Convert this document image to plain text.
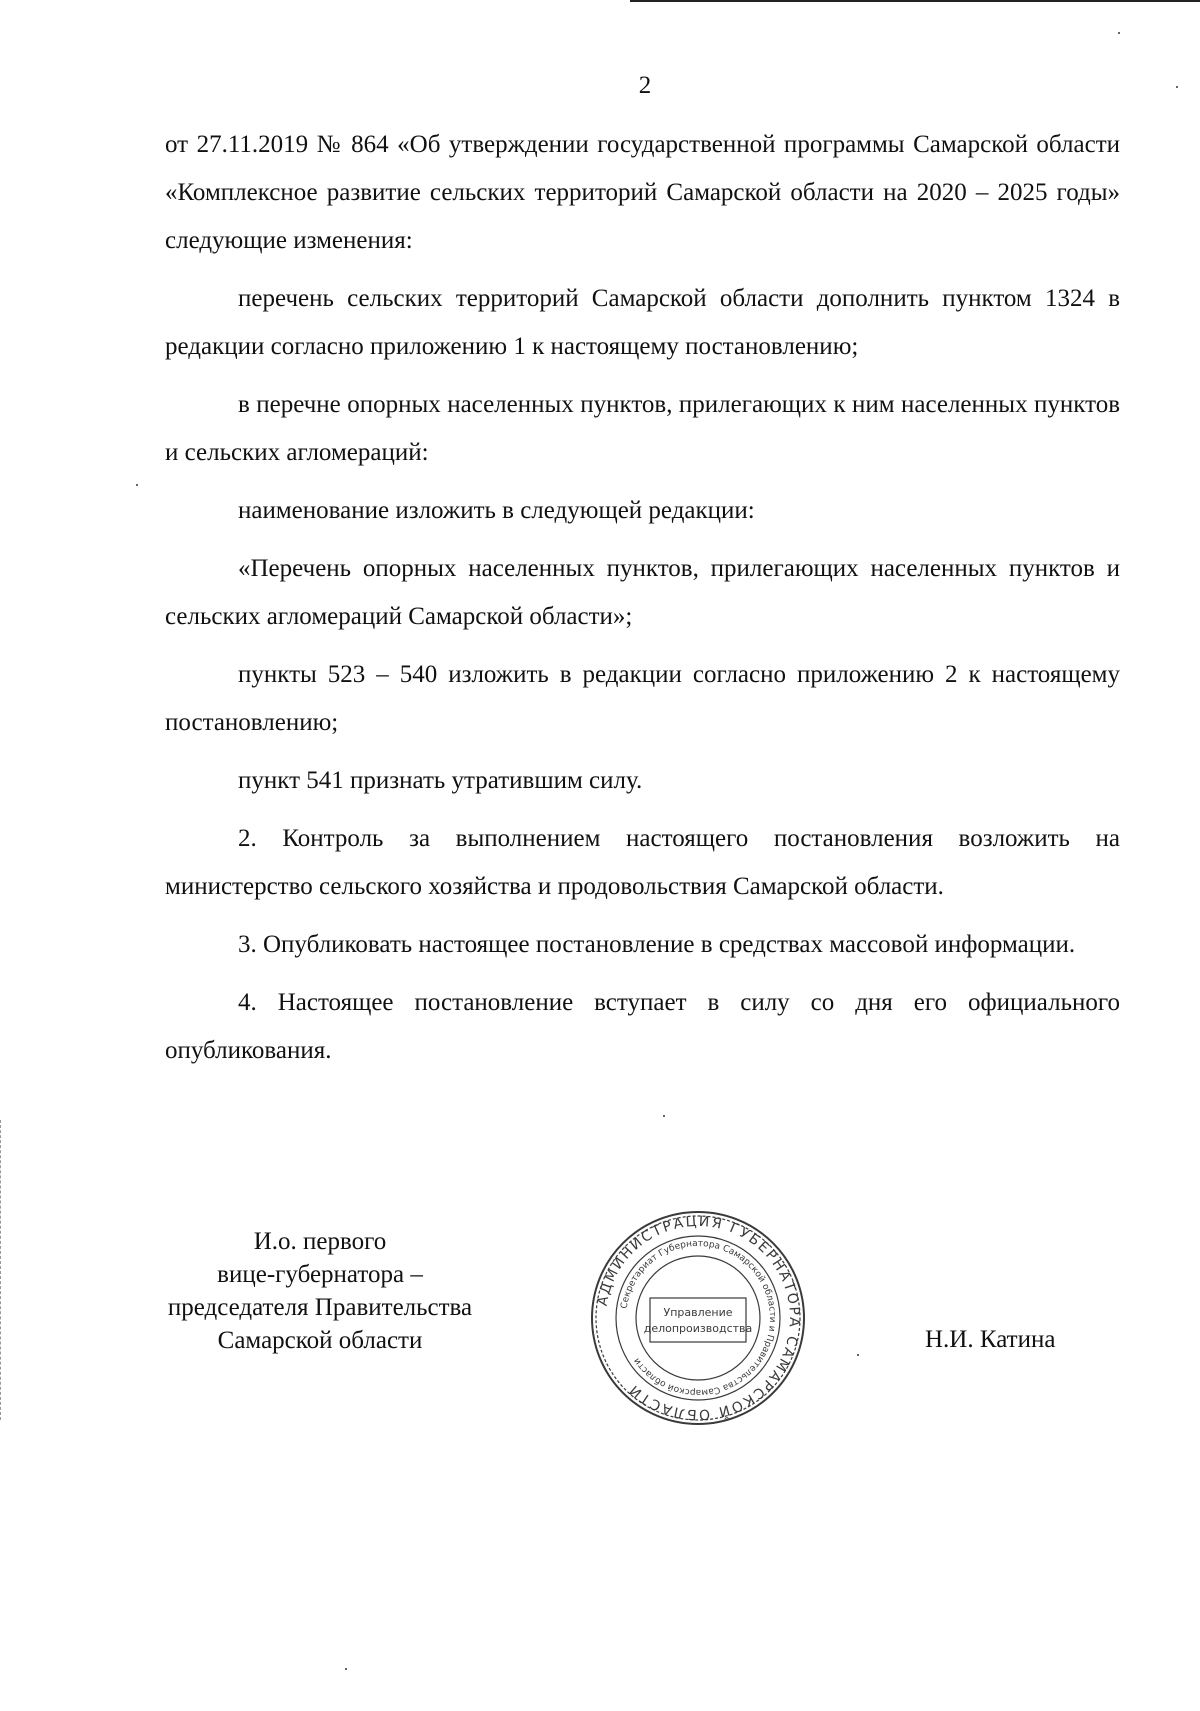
2

от 27.11.2019 № 864 «Об утверждении государственной программы Самарской области «Комплексное развитие сельских территорий Самарской области на 2020 – 2025 годы» следующие изменения:

перечень сельских территорий Самарской области дополнить пунктом 1324 в редакции согласно приложению 1 к настоящему постановлению;

в перечне опорных населенных пунктов, прилегающих к ним населенных пунктов и сельских агломераций:

наименование изложить в следующей редакции:

«Перечень опорных населенных пунктов, прилегающих населенных пунктов и сельских агломераций Самарской области»;

пункты 523 – 540 изложить в редакции согласно приложению 2 к настоящему постановлению;

пункт 541 признать утратившим силу.

2. Контроль за выполнением настоящего постановления возложить на министерство сельского хозяйства и продовольствия Самарской области.

3. Опубликовать настоящее постановление в средствах массовой информации.

4. Настоящее постановление вступает в силу со дня его официального опубликования.

И.о. первого
вице-губернатора –
председателя Правительства
Самарской области
АДМИНИСТРАЦИЯ ГУБЕРНАТОРА САМАРСКОЙ ОБЛАСТИ
Секретариат Губернатора Самарской области и Правительства Самарской области
Управление
делопроизводства	Н.И. Катина
